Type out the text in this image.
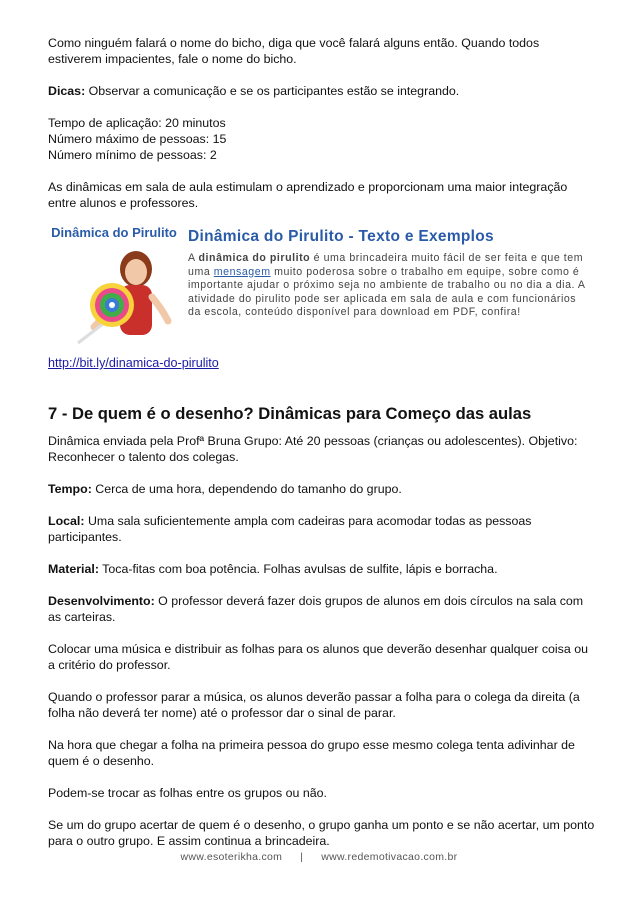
Como ninguém falará o nome do bicho, diga que você falará alguns então. Quando todos estiverem impacientes, fale o nome do bicho.

Dicas: Observar a comunicação e se os participantes estão se integrando.

Tempo de aplicação: 20 minutos

Número máximo de pessoas: 15

Número mínimo de pessoas: 2

As dinâmicas em sala de aula estimulam o aprendizado e proporcionam uma maior integração entre alunos e professores.

Dinâmica do Pirulito Dinâmica do Pirulito - Texto e Exemplos
A dinâmica do pirulito é uma brincadeira muito fácil de ser feita e que tem uma mensagem muito poderosa sobre o trabalho em equipe, sobre como é importante ajudar o próximo seja no ambiente de trabalho ou no dia a dia. A atividade do pirulito pode ser aplicada em sala de aula e com funcionários da escola, conteúdo disponível para download em PDF, confira!
http://bit.ly/dinamica-do-pirulito
7 - De quem é o desenho? Dinâmicas para Começo das aulas

Dinâmica enviada pela Profª Bruna Grupo: Até 20 pessoas (crianças ou adolescentes). Objetivo: Reconhecer o talento dos colegas.

Tempo: Cerca de uma hora, dependendo do tamanho do grupo.

Local: Uma sala suficientemente ampla com cadeiras para acomodar todas as pessoas participantes.

Material: Toca-fitas com boa potência. Folhas avulsas de sulfite, lápis e borracha.

Desenvolvimento: O professor deverá fazer dois grupos de alunos em dois círculos na sala com as carteiras.

Colocar uma música e distribuir as folhas para os alunos que deverão desenhar qualquer coisa ou a critério do professor.

Quando o professor parar a música, os alunos deverão passar a folha para o colega da direita (a folha não deverá ter nome) até o professor dar o sinal de parar.

Na hora que chegar a folha na primeira pessoa do grupo esse mesmo colega tenta adivinhar de quem é o desenho.

Podem-se trocar as folhas entre os grupos ou não.

Se um do grupo acertar de quem é o desenho, o grupo ganha um ponto e se não acertar, um ponto para o outro grupo. E assim continua a brincadeira.

www.esoterikha.com | www.redemotivacao.com.br
